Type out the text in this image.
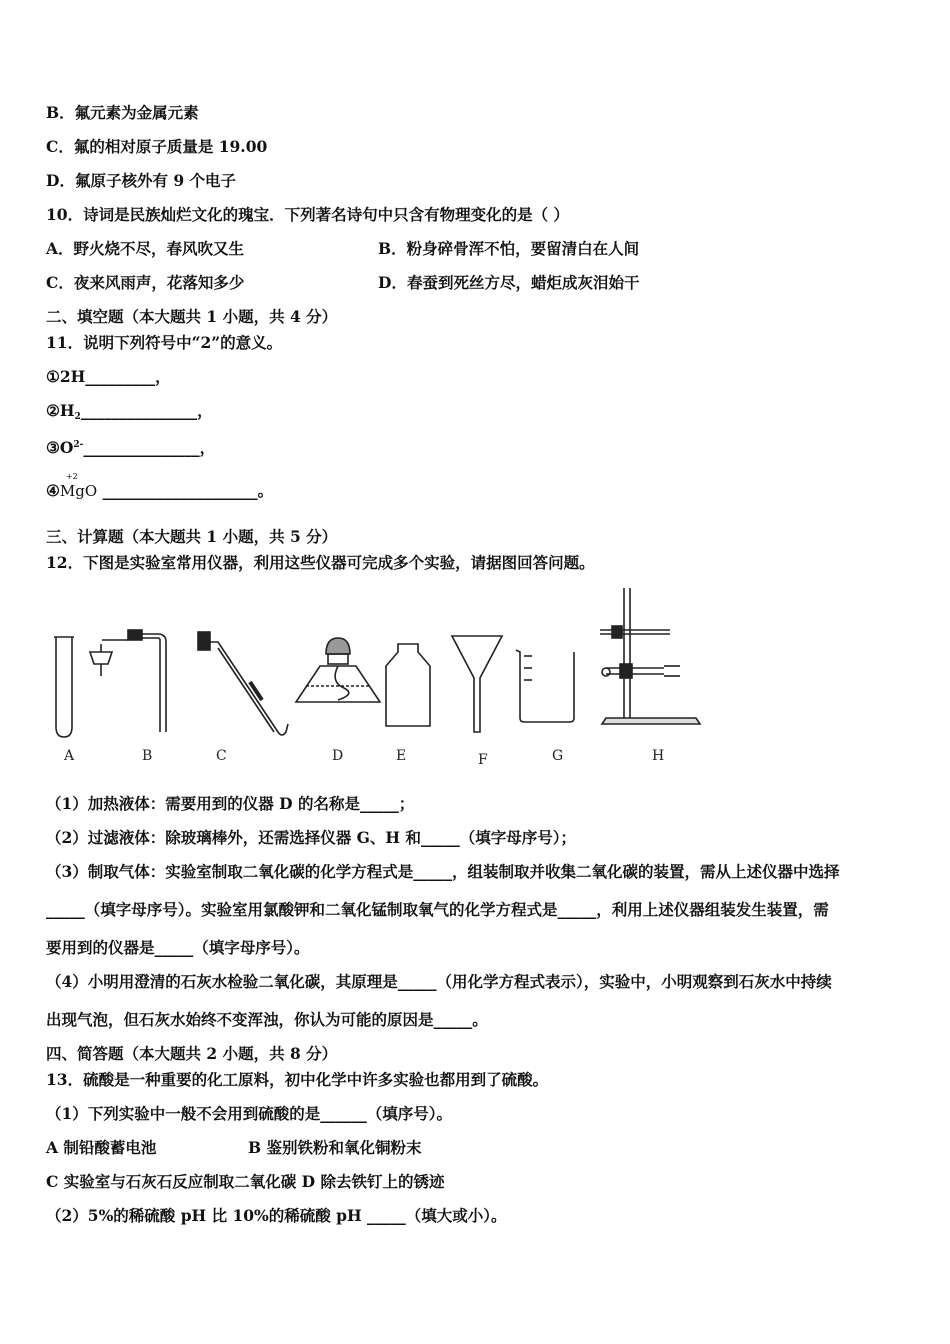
B．氟元素为金属元素
C．氟的相对原子质量是 19.00
D．氟原子核外有 9 个电子
10．诗词是民族灿烂文化的瑰宝．下列著名诗句中只含有物理变化的是（ ）
A．野火烧不尽，春风吹又生	B．粉身碎骨浑不怕，要留清白在人间
C．夜来风雨声，花落知多少	D．春蚕到死丝方尽，蜡炬成灰泪始干
二、填空题（本大题共 1 小题，共 4 分）
11．说明下列符号中“2”的意义。
①2H_________，
$②H_2\_\_\_\_\_\_\_\_\_\_\_\_\_\_\_$，
$③O^{2-}\_\_\_\_\_\_\_\_\_\_\_\_\_\_\_$，
④
+2
MgO ____________________。
三、计算题（本大题共 1 小题，共 5 分）
12．下图是实验室常用仪器，利用这些仪器可完成多个实验，请据图回答问题。
A	B	C	D	E	F	G	H
（1）加热液体：需要用到的仪器 D 的名称是_____；
（2）过滤液体：除玻璃棒外，还需选择仪器 G、H 和_____（填字母序号）；
（3）制取气体：实验室制取二氧化碳的化学方程式是_____，组装制取并收集二氧化碳的装置，需从上述仪器中选择
_____（填字母序号）。实验室用氯酸钾和二氧化锰制取氧气的化学方程式是_____，利用上述仪器组装发生装置，需
要用到的仪器是_____（填字母序号）。
（4）小明用澄清的石灰水检验二氧化碳，其原理是_____（用化学方程式表示），实验中，小明观察到石灰水中持续
出现气泡，但石灰水始终不变浑浊，你认为可能的原因是_____。
四、简答题（本大题共 2 小题，共 8 分）
13．硫酸是一种重要的化工原料，初中化学中许多实验也都用到了硫酸。
（1）下列实验中一般不会用到硫酸的是______（填序号）。
A 制铅酸蓄电池	B 鉴别铁粉和氧化铜粉末
C 实验室与石灰石反应制取二氧化碳 D 除去铁钉上的锈迹
（2）5%的稀硫酸 pH 比 10%的稀硫酸 pH _____（填大或小）。
